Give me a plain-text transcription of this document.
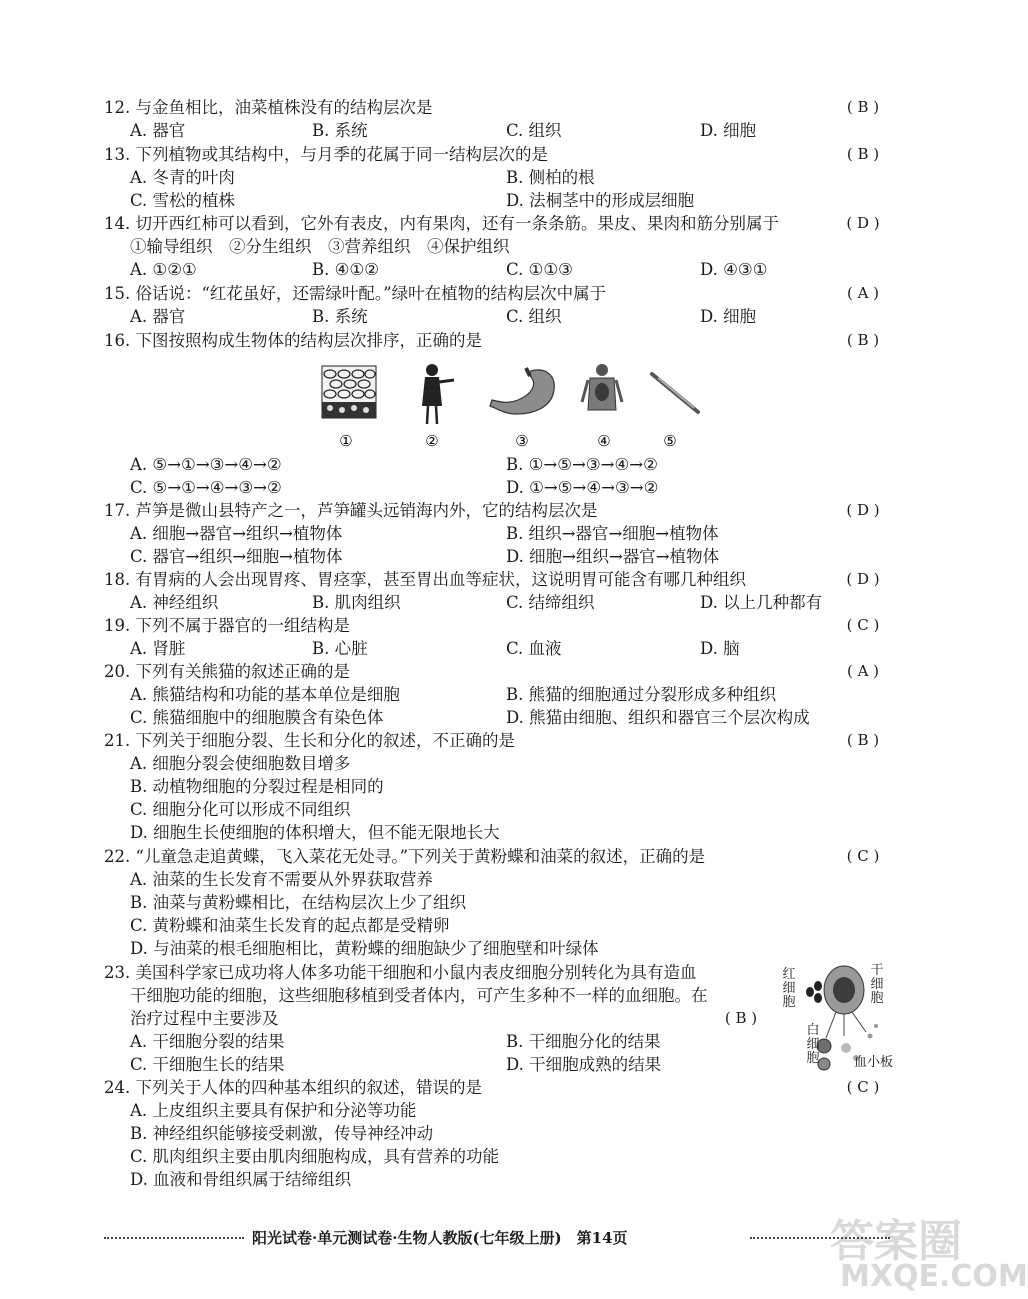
12. 与金鱼相比，油菜植株没有的结构层次是	( B )
A. 器官	B. 系统	C. 组织	D. 细胞
13. 下列植物或其结构中，与月季的花属于同一结构层次的是	( B )
A. 冬青的叶肉	B. 侧柏的根
C. 雪松的植株	D. 法桐茎中的形成层细胞
14. 切开西红柿可以看到，它外有表皮，内有果肉，还有一条条筋。果皮、果肉和筋分别属于	( D )
①输导组织　②分生组织　③营养组织　④保护组织
A. ①②①	B. ④①②	C. ①①③	D. ④③①
15. 俗话说：“红花虽好，还需绿叶配。”绿叶在植物的结构层次中属于	( A )
A. 器官	B. 系统	C. 组织	D. 细胞
16. 下图按照构成生物体的结构层次排序，正确的是	( B )
①	②	③	④	⑤
A. ⑤→①→③→④→②	B. ①→⑤→③→④→②
C. ⑤→①→④→③→②	D. ①→⑤→④→③→②
17. 芦笋是微山县特产之一，芦笋罐头远销海内外，它的结构层次是	( D )
A. 细胞→器官→组织→植物体	B. 组织→器官→细胞→植物体
C. 器官→组织→细胞→植物体	D. 细胞→组织→器官→植物体
18. 有胃病的人会出现胃疼、胃痉挛，甚至胃出血等症状，这说明胃可能含有哪几种组织	( D )
A. 神经组织	B. 肌肉组织	C. 结缔组织	D. 以上几种都有
19. 下列不属于器官的一组结构是	( C )
A. 肾脏	B. 心脏	C. 血液	D. 脑
20. 下列有关熊猫的叙述正确的是	( A )
A. 熊猫结构和功能的基本单位是细胞	B. 熊猫的细胞通过分裂形成多种组织
C. 熊猫细胞中的细胞膜含有染色体	D. 熊猫由细胞、组织和器官三个层次构成
21. 下列关于细胞分裂、生长和分化的叙述，不正确的是	( B )
A. 细胞分裂会使细胞数目增多
B. 动植物细胞的分裂过程是相同的
C. 细胞分化可以形成不同组织
D. 细胞生长使细胞的体积增大，但不能无限地长大
22. “儿童急走追黄蝶，飞入菜花无处寻。”下列关于黄粉蝶和油菜的叙述，正确的是	( C )
A. 油菜的生长发育不需要从外界获取营养
B. 油菜与黄粉蝶相比，在结构层次上少了组织
C. 黄粉蝶和油菜生长发育的起点都是受精卵
D. 与油菜的根毛细胞相比，黄粉蝶的细胞缺少了细胞壁和叶绿体
23. 美国科学家已成功将人体多功能干细胞和小鼠内表皮细胞分别转化为具有造血
干细胞功能的细胞，这些细胞移植到受者体内，可产生多种不一样的血细胞。在
治疗过程中主要涉及	( B )
A. 干细胞分裂的结果	B. 干细胞分化的结果
C. 干细胞生长的结果	D. 干细胞成熟的结果
红细胞
干细胞
白细胞	血小板
24. 下列关于人体的四种基本组织的叙述，错误的是	( C )
A. 上皮组织主要具有保护和分泌等功能
B. 神经组织能够接受刺激，传导神经冲动
C. 肌肉组织主要由肌肉细胞构成，具有营养的功能
D. 血液和骨组织属于结缔组织
阳光试卷·单元测试卷·生物人教版(七年级上册)　第14页	答案圈
MXQE.COM
